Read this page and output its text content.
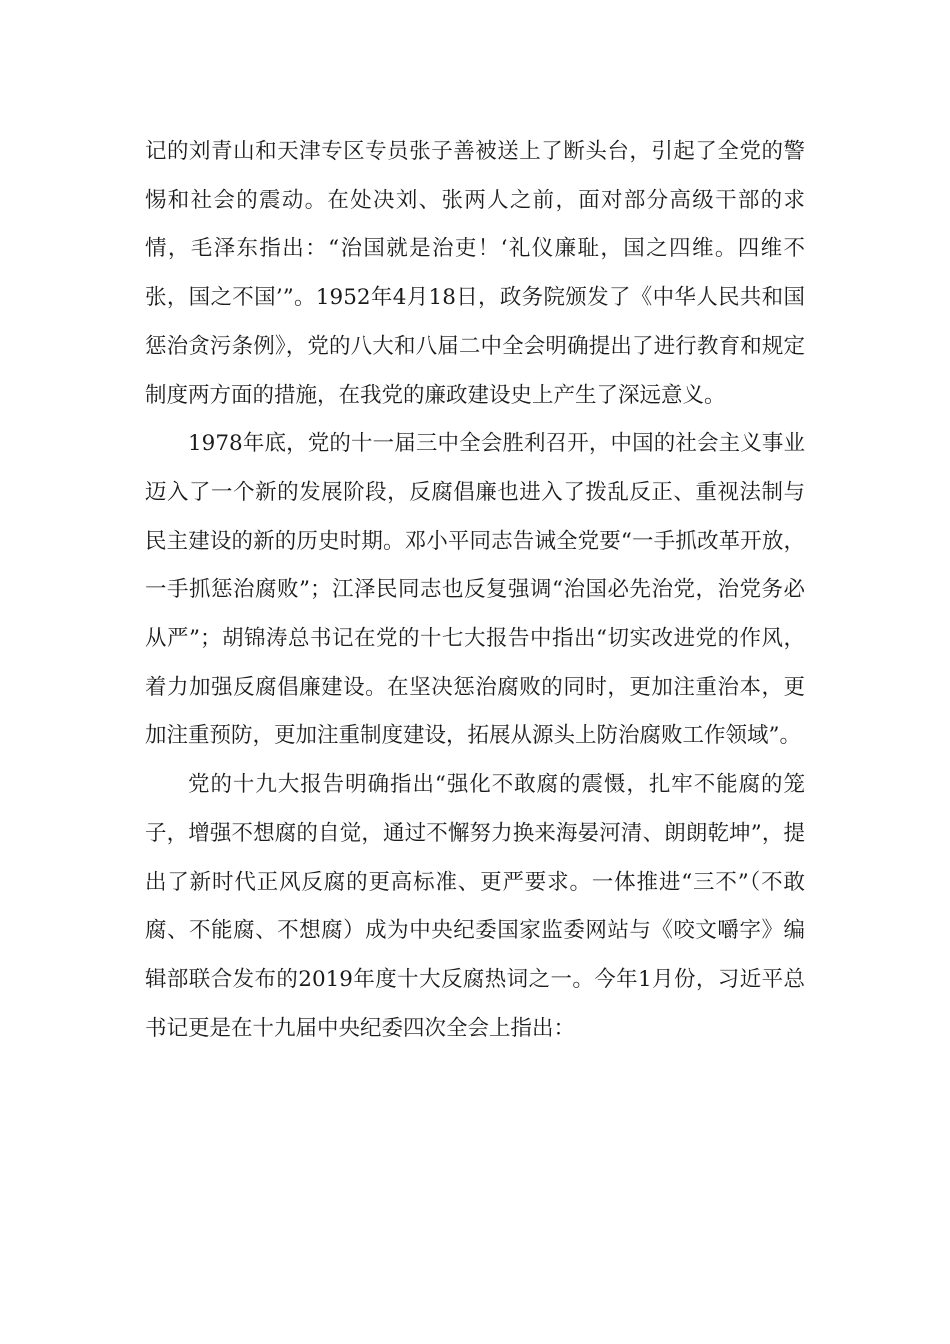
记的刘青山和天津专区专员张子善被送上了断头台，引起了全党的警惕和社会的震动。在处决刘、张两人之前，面对部分高级干部的求情，毛泽东指出：“治国就是治吏！‘礼仪廉耻，国之四维。四维不张，国之不国’”。1952年4月18日，政务院颁发了《中华人民共和国惩治贪污条例》，党的八大和八届二中全会明确提出了进行教育和规定制度两方面的措施，在我党的廉政建设史上产生了深远意义。

1978年底，党的十一届三中全会胜利召开，中国的社会主义事业迈入了一个新的发展阶段，反腐倡廉也进入了拨乱反正、重视法制与民主建设的新的历史时期。邓小平同志告诫全党要“一手抓改革开放，一手抓惩治腐败”；江泽民同志也反复强调“治国必先治党，治党务必从严”；胡锦涛总书记在党的十七大报告中指出“切实改进党的作风，着力加强反腐倡廉建设。在坚决惩治腐败的同时，更加注重治本，更加注重预防，更加注重制度建设，拓展从源头上防治腐败工作领域”。

党的十九大报告明确指出“强化不敢腐的震慑，扎牢不能腐的笼子，增强不想腐的自觉，通过不懈努力换来海晏河清、朗朗乾坤”，提出了新时代正风反腐的更高标准、更严要求。一体推进“三不”（不敢腐、不能腐、不想腐）成为中央纪委国家监委网站与《咬文嚼字》编辑部联合发布的2019年度十大反腐热词之一。今年1月份，习近平总书记更是在十九届中央纪委四次全会上指出：
